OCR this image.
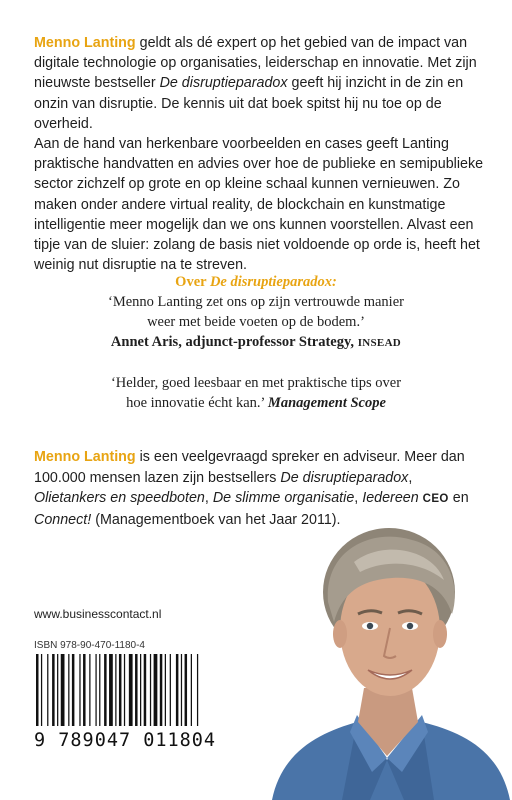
Menno Lanting geldt als dé expert op het gebied van de impact van digitale technologie op organisaties, leiderschap en innovatie. Met zijn nieuwste bestseller De disruptieparadox geeft hij inzicht in de zin en onzin van disruptie. De kennis uit dat boek spitst hij nu toe op de overheid.
Aan de hand van herkenbare voorbeelden en cases geeft Lanting praktische handvatten en advies over hoe de publieke en semipublieke sector zichzelf op grote en op kleine schaal kunnen vernieuwen. Zo maken onder andere virtual reality, de blockchain en kunstmatige intelligentie meer mogelijk dan we ons kunnen voorstellen. Alvast een tipje van de sluier: zolang de basis niet voldoende op orde is, heeft het weinig nut disruptie na te streven.
Over De disruptieparadox:
‘Menno Lanting zet ons op zijn vertrouwde manier
weer met beide voeten op de bodem.’
Annet Aris, adjunct-professor Strategy, INSEAD
‘Helder, goed leesbaar en met praktische tips over
hoe innovatie écht kan.’ Management Scope
Menno Lanting is een veelgevraagd spreker en adviseur. Meer dan 100.000 mensen lazen zijn bestsellers De disruptieparadox, Olietankers en speedboten, De slimme organisatie, Iedereen CEO en Connect! (Managementboek van het Jaar 2011).
www.businesscontact.nl
ISBN 978-90-470-1180-4
9 789047 011804
